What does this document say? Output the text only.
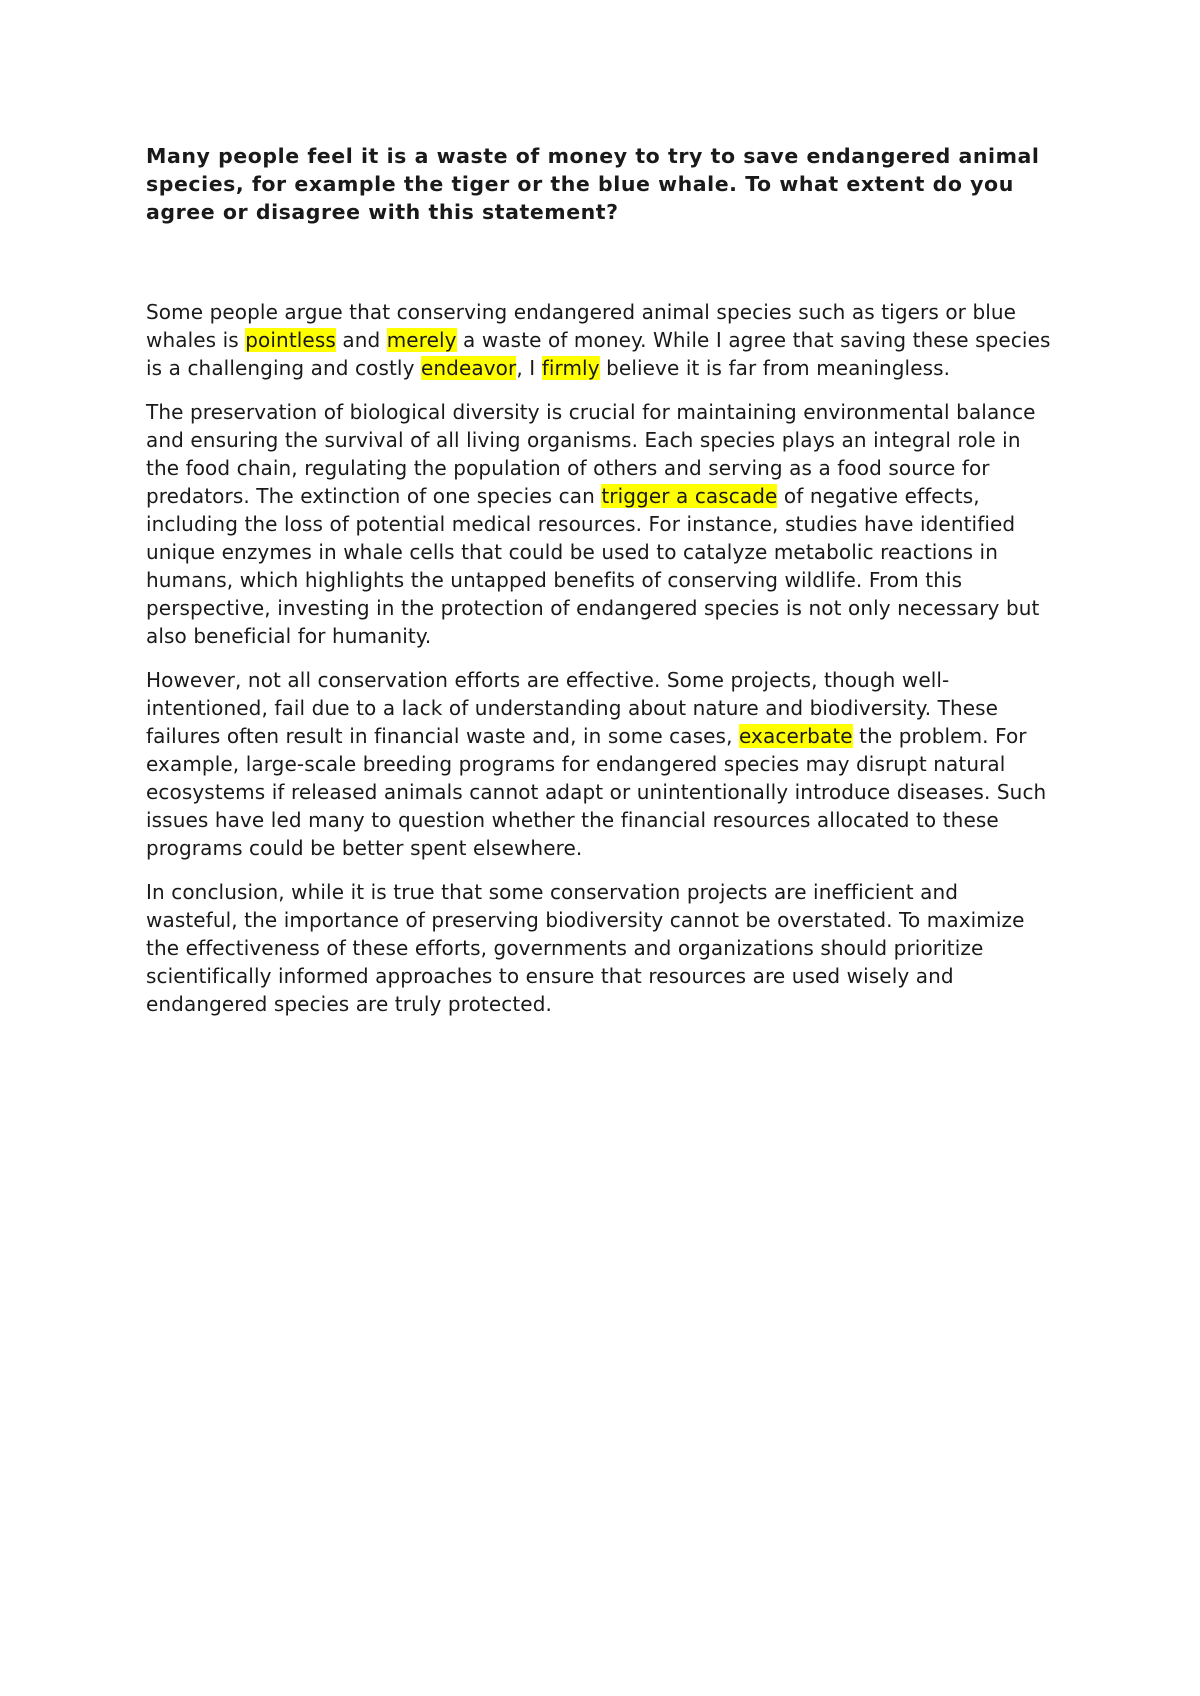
Many people feel it is a waste of money to try to save endangered animal species, for example the tiger or the blue whale. To what extent do you agree or disagree with this statement?

Some people argue that conserving endangered animal species such as tigers or blue whales is pointless and merely a waste of money. While I agree that saving these species is a challenging and costly endeavor, I firmly believe it is far from meaningless.

The preservation of biological diversity is crucial for maintaining environmental balance and ensuring the survival of all living organisms. Each species plays an integral role in the food chain, regulating the population of others and serving as a food source for predators. The extinction of one species can trigger a cascade of negative effects, including the loss of potential medical resources. For instance, studies have identified unique enzymes in whale cells that could be used to catalyze metabolic reactions in humans, which highlights the untapped benefits of conserving wildlife. From this perspective, investing in the protection of endangered species is not only necessary but also beneficial for humanity.

However, not all conservation efforts are effective. Some projects, though well-intentioned, fail due to a lack of understanding about nature and biodiversity. These failures often result in financial waste and, in some cases, exacerbate the problem. For example, large-scale breeding programs for endangered species may disrupt natural ecosystems if released animals cannot adapt or unintentionally introduce diseases. Such issues have led many to question whether the financial resources allocated to these programs could be better spent elsewhere.

In conclusion, while it is true that some conservation projects are inefficient and wasteful, the importance of preserving biodiversity cannot be overstated. To maximize the effectiveness of these efforts, governments and organizations should prioritize scientifically informed approaches to ensure that resources are used wisely and endangered species are truly protected.
